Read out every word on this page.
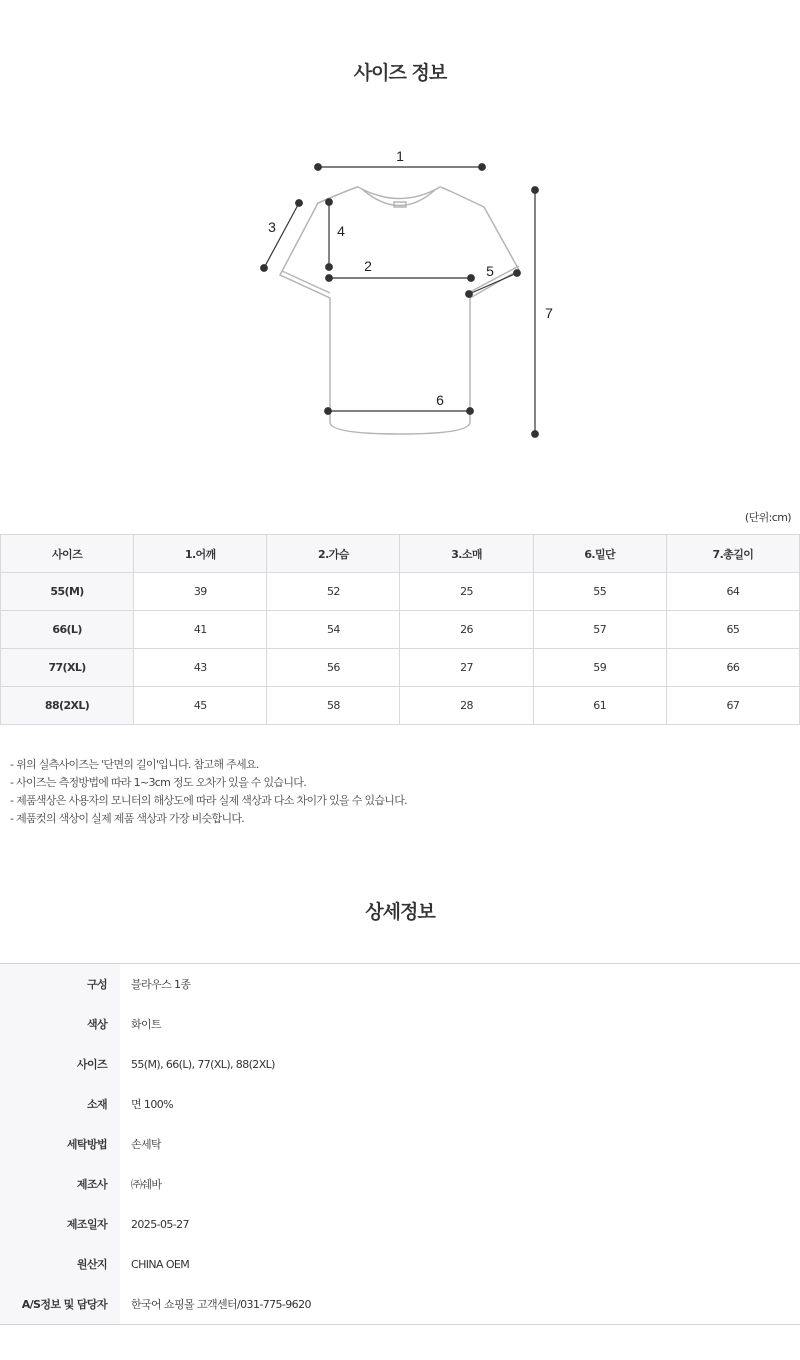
사이즈 정보
1
2
3	4
5
6
7
(단위:cm)
사이즈	1.어깨	2.가슴	3.소매	6.밑단	7.총길이
55(M)	39	52	25	55	64
66(L)	41	54	26	57	65
77(XL)	43	56	27	59	66
88(2XL)	45	58	28	61	67
- 위의 실측사이즈는 '단면의 길이'입니다. 참고해 주세요.
- 사이즈는 측정방법에 따라 1~3cm 정도 오차가 있을 수 있습니다.
- 제품색상은 사용자의 모니터의 해상도에 따라 실제 색상과 다소 차이가 있을 수 있습니다.
- 제품컷의 색상이 실제 제품 색상과 가장 비슷합니다.
상세정보
구성	블라우스 1종
색상	화이트
사이즈	55(M), 66(L), 77(XL), 88(2XL)
소재	면 100%
세탁방법	손세탁
제조사	㈜쉐바
제조일자	2025-05-27
원산지	CHINA OEM
A/S정보 및 담당자	한국어 쇼핑몰 고객센터/031-775-9620
